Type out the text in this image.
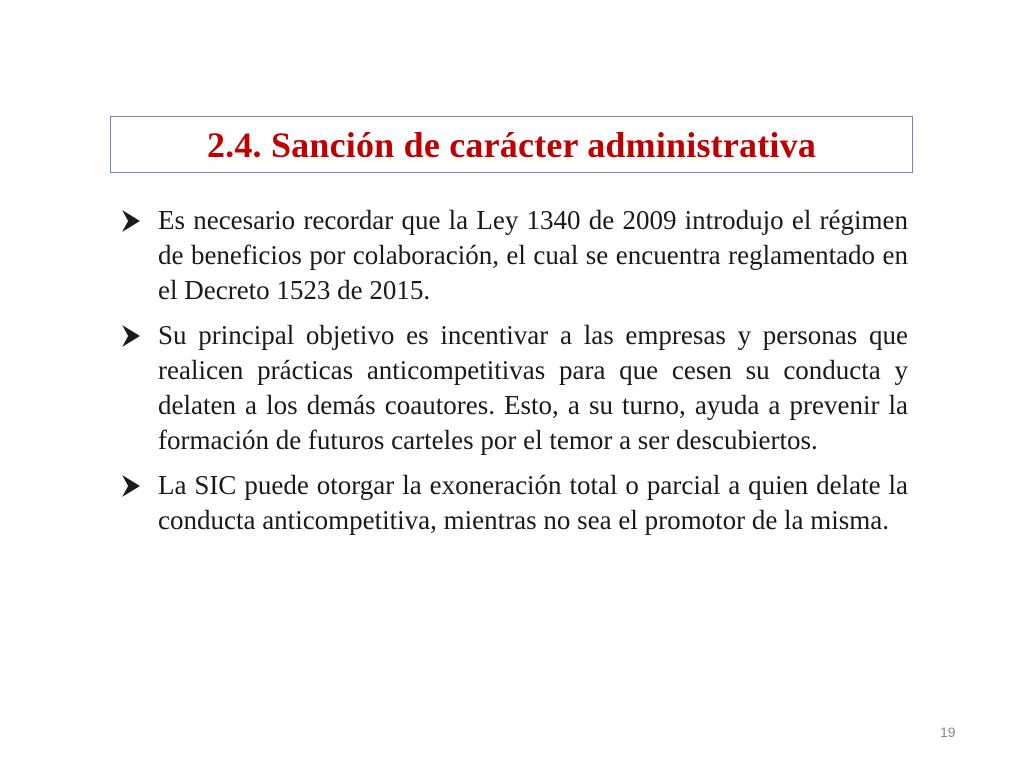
2.4. Sanción de carácter administrativa
Es necesario recordar que la Ley 1340 de 2009 introdujo el régimen de beneficios por colaboración, el cual se encuentra reglamentado en el Decreto 1523 de 2015.
Su principal objetivo es incentivar a las empresas y personas que realicen prácticas anticompetitivas para que cesen su conducta y delaten a los demás coautores. Esto, a su turno, ayuda a prevenir la formación de futuros carteles por el temor a ser descubiertos.
La SIC puede otorgar la exoneración total o parcial a quien delate la conducta anticompetitiva, mientras no sea el promotor de la misma.
19
